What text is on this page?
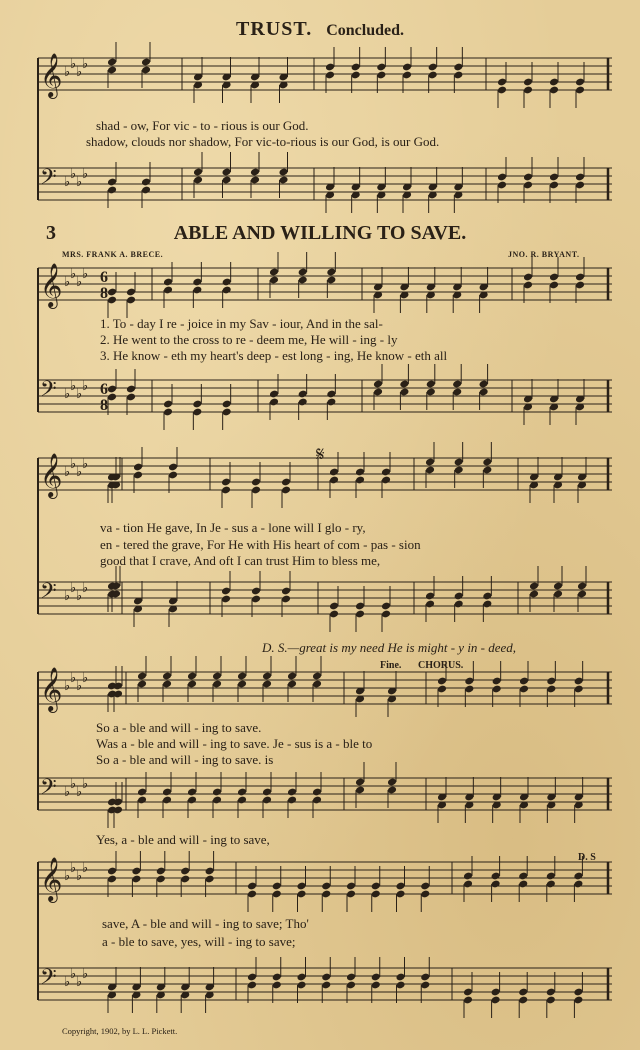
TRUST. Concluded.
𝄞 ♭
♭
♭
♭
𝄢 ♭
♭
♭
♭
𝄞 ♭
♭
♭
♭
𝄢 ♭
♭
♭
♭
𝄞 ♭
♭
♭
♭
𝄢 ♭
♭
♭
♭
𝄞 ♭
♭
♭
♭
𝄢 ♭
♭
♭
♭
𝄞 ♭
♭
♭
♭
𝄢 ♭
♭
♭
♭
6
8
6
8
shad - ow, For vic - to - rious is our God.
shadow, clouds nor shadow, For vic-to-rious is our God, is our God.
3	ABLE AND WILLING TO SAVE.
MRS. FRANK A. BRECE.	JNO. R. BRYANT.
1. To - day I re - joice in my Sav - iour, And in the sal-
2. He went to the cross to re - deem me, He will - ing - ly
3. He know - eth my heart's deep - est long - ing, He know - eth all
va - tion He gave, In Je - sus a - lone will I glo - ry,
en - tered the grave, For He with His heart of com - pas - sion
good that I crave, And oft I can trust Him to bless me,
D. S.—great is my need He is might - y in - deed,
Fine. CHORUS.
D. S
𝄋
So a - ble and will - ing to save.
Was a - ble and will - ing to save. Je - sus is a - ble to
So a - ble and will - ing to save. is
Yes, a - ble and will - ing to save,
save, A - ble and will - ing to save; Tho'
a - ble to save, yes, will - ing to save;
Copyright, 1902, by L. L. Pickett.
